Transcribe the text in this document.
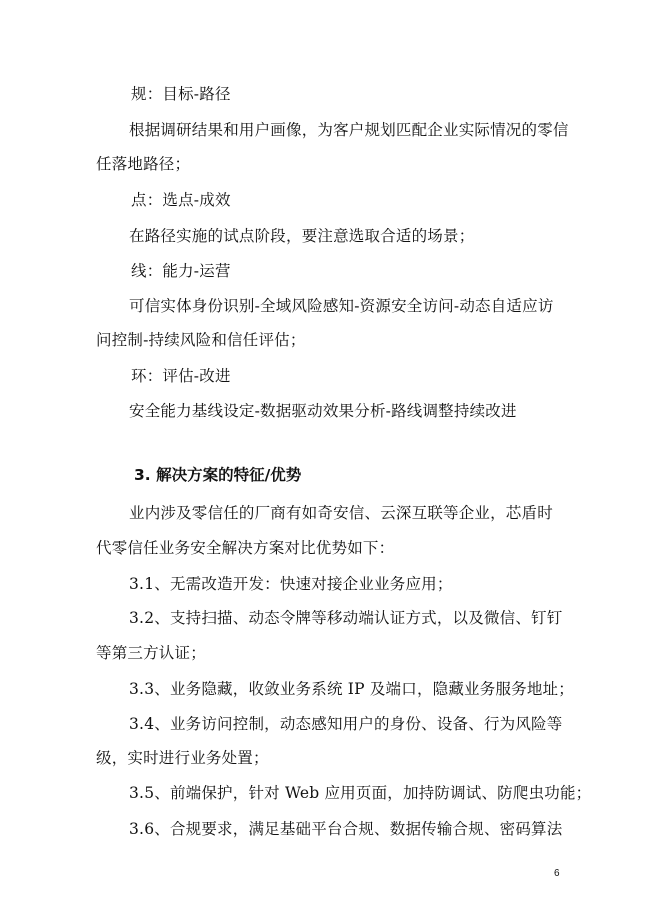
规：目标-路径
根据调研结果和用户画像，为客户规划匹配企业实际情况的零信
任落地路径；
点：选点-成效
在路径实施的试点阶段，要注意选取合适的场景；
线：能力-运营
可信实体身份识别-全域风险感知-资源安全访问-动态自适应访
问控制-持续风险和信任评估；
环：评估-改进
安全能力基线设定-数据驱动效果分析-路线调整持续改进
3. 解决方案的特征/优势
业内涉及零信任的厂商有如奇安信、云深互联等企业，芯盾时
代零信任业务安全解决方案对比优势如下：
3.1、无需改造开发：快速对接企业业务应用；
3.2、支持扫描、动态令牌等移动端认证方式，以及微信、钉钉
等第三方认证；
3.3、业务隐藏，收敛业务系统 IP 及端口，隐藏业务服务地址；
3.4、业务访问控制，动态感知用户的身份、设备、行为风险等
级，实时进行业务处置；
3.5、前端保护，针对 Web 应用页面，加持防调试、防爬虫功能；
3.6、合规要求，满足基础平台合规、数据传输合规、密码算法
6
